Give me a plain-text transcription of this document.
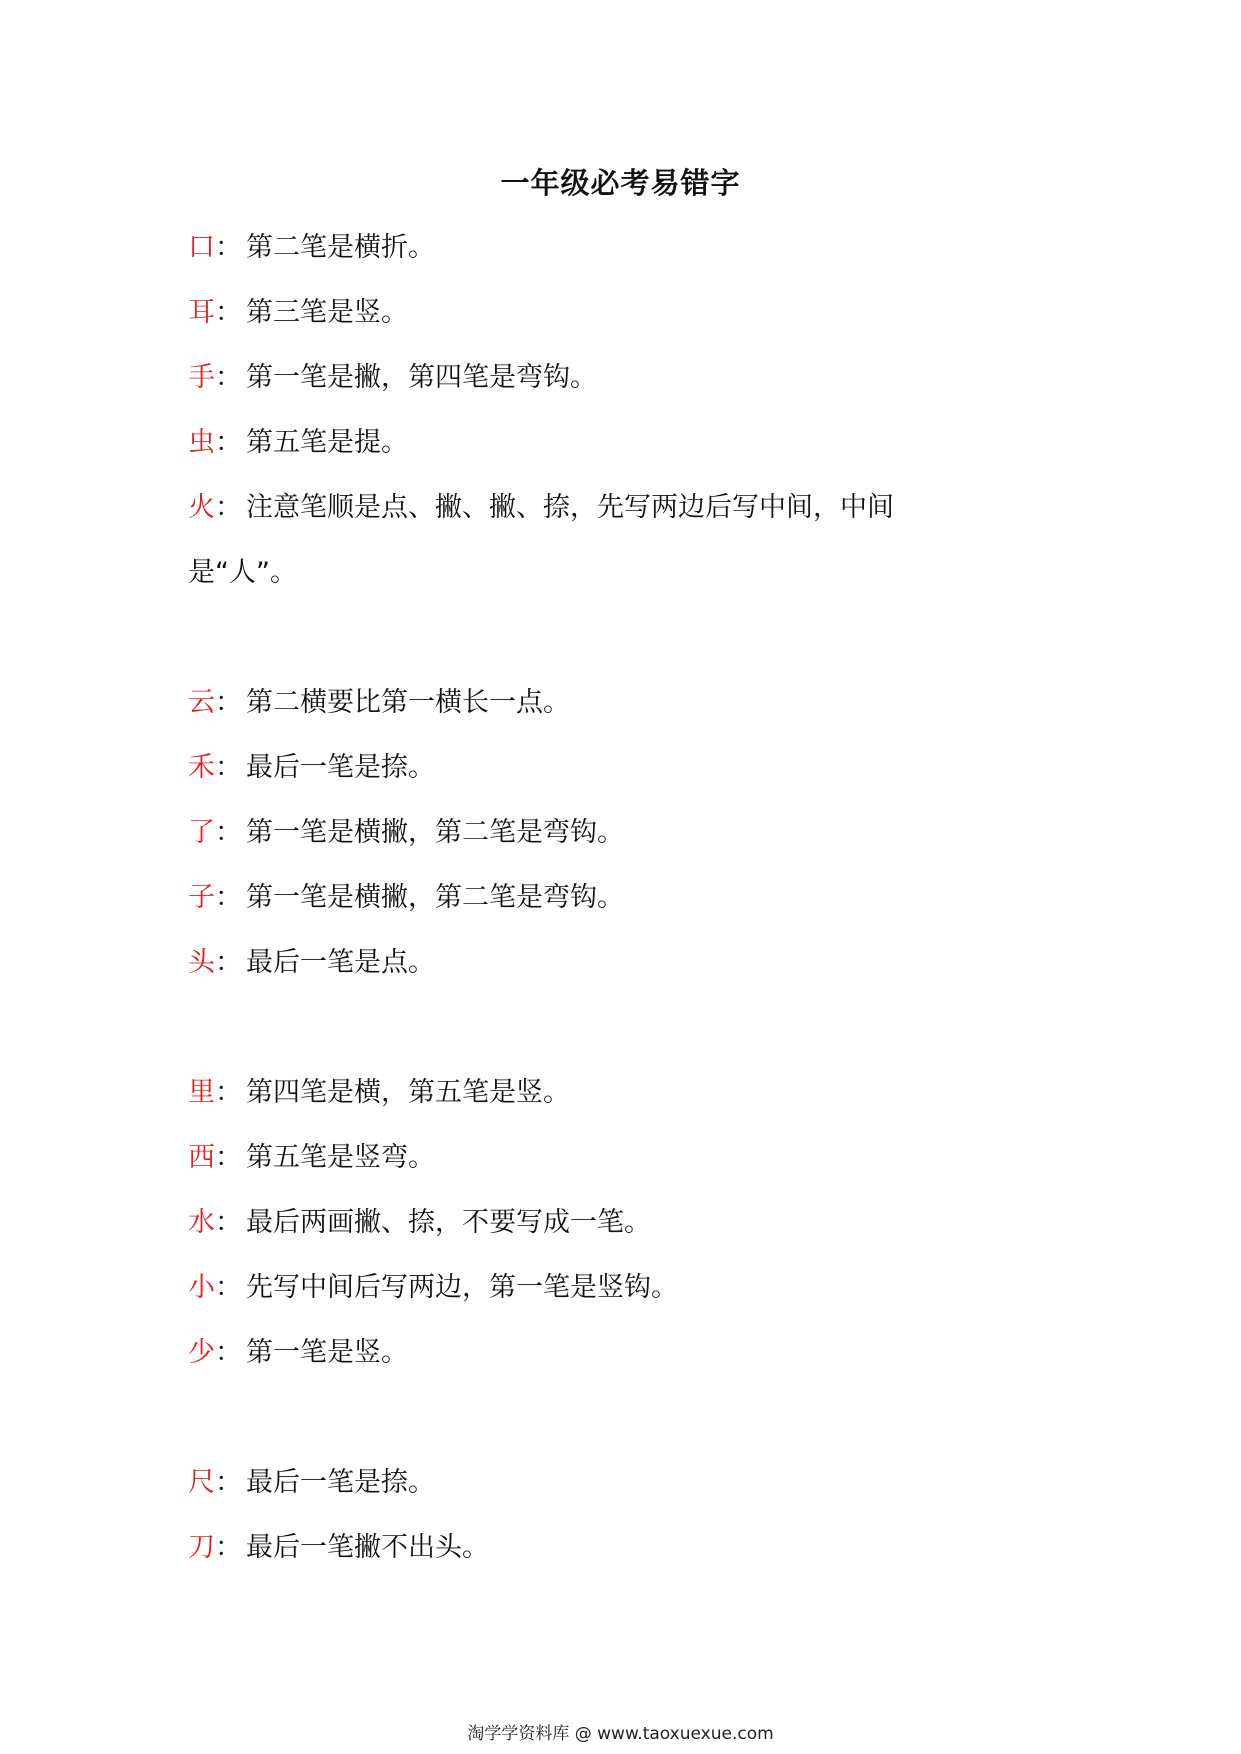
一年级必考易错字
口： 第二笔是横折。
耳： 第三笔是竖。
手： 第一笔是撇，第四笔是弯钩。
虫： 第五笔是提。
火： 注意笔顺是点、撇、撇、捺，先写两边后写中间，中间是“人”。
云： 第二横要比第一横长一点。
禾： 最后一笔是捺。
了： 第一笔是横撇，第二笔是弯钩。
子： 第一笔是横撇，第二笔是弯钩。
头： 最后一笔是点。
里： 第四笔是横，第五笔是竖。
西： 第五笔是竖弯。
水： 最后两画撇、捺，不要写成一笔。
小： 先写中间后写两边，第一笔是竖钩。
少： 第一笔是竖。
尺： 最后一笔是捺。
刀： 最后一笔撇不出头。
淘学学资料库 @ www.taoxuexue.com
